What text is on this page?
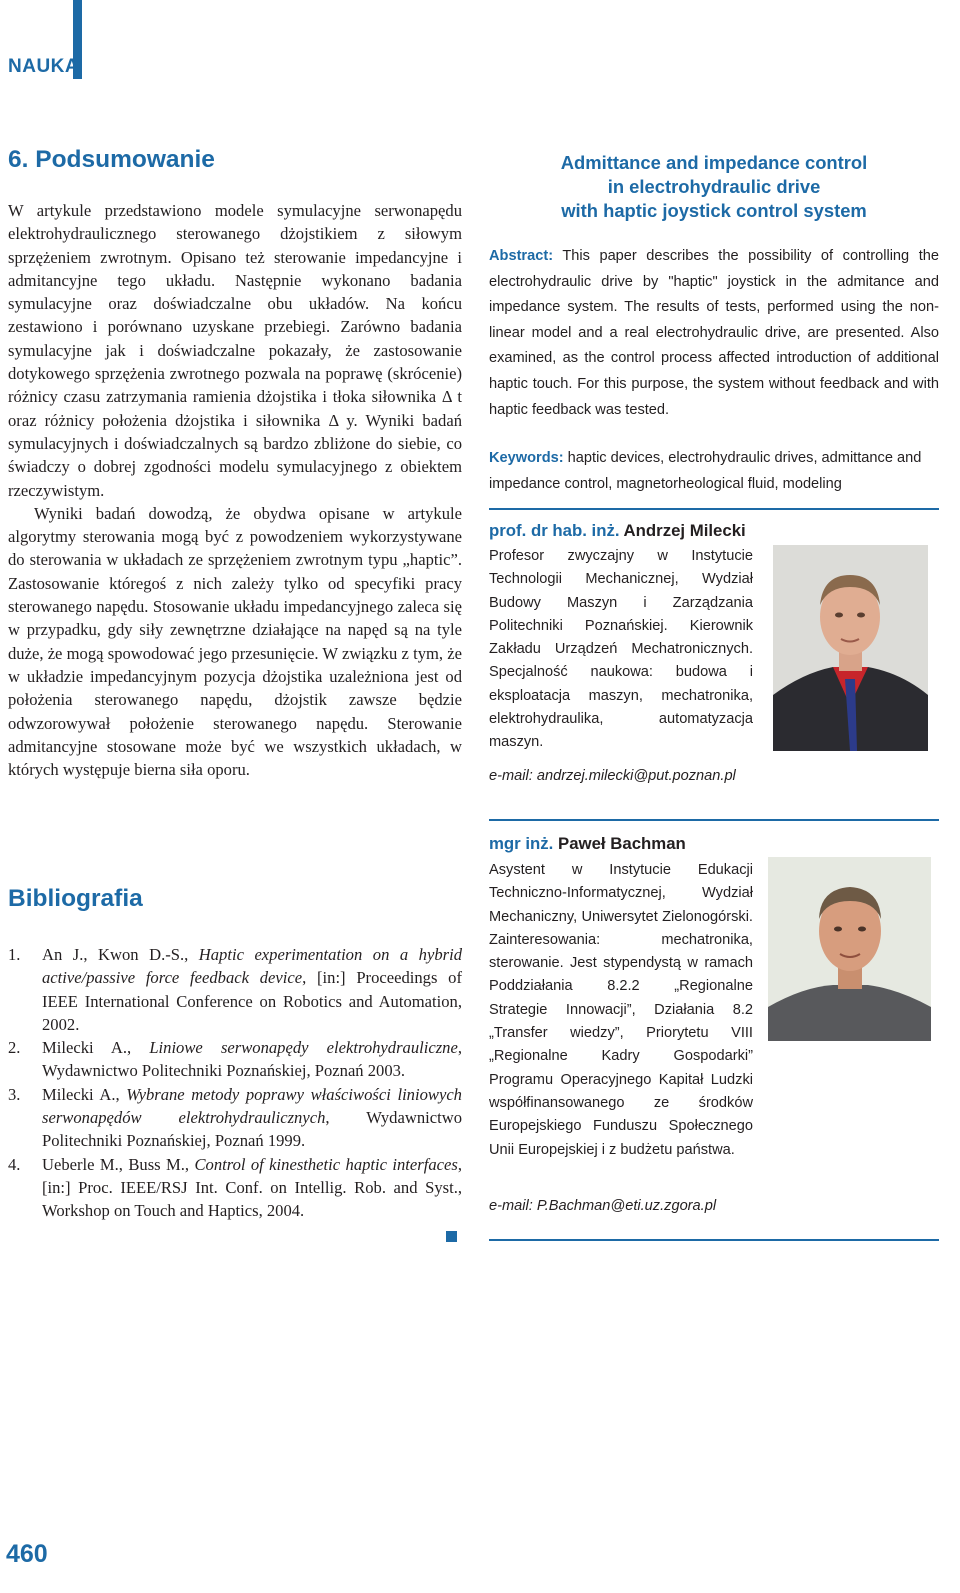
NAUKA
6. Podsumowanie

W artykule przedstawiono modele symulacyjne serwonapędu elektrohydraulicznego sterowanego dżojstikiem z siłowym sprzężeniem zwrotnym. Opisano też sterowanie impedancyjne i admitancyjne tego układu. Następnie wykonano badania symulacyjne oraz doświadczalne obu układów. Na końcu zestawiono i porównano uzyskane przebiegi. Zarówno badania symulacyjne jak i doświadczalne pokazały, że zastosowanie dotykowego sprzężenia zwrotnego pozwala na poprawę (skrócenie) różnicy czasu zatrzymania ramienia dżojstika i tłoka siłownika Δ t oraz różnicy położenia dżojstika i siłownika Δ y. Wyniki badań symulacyjnych i doświadczalnych są bardzo zbliżone do siebie, co świadczy o dobrej zgodności modelu symulacyjnego z obiektem rzeczywistym.

Wyniki badań dowodzą, że obydwa opisane w artykule algorytmy sterowania mogą być z powodzeniem wykorzystywane do sterowania w układach ze sprzężeniem zwrotnym typu „haptic”. Zastosowanie któregoś z nich zależy tylko od specyfiki pracy sterowanego napędu. Stosowanie układu impedancyjnego zaleca się w przypadku, gdy siły zewnętrzne działające na napęd są na tyle duże, że mogą spowodować jego przesunięcie. W związku z tym, że w układzie impedancyjnym pozycja dżojstika uzależniona jest od położenia sterowanego napędu, dżojstik zawsze będzie odwzorowywał położenie sterowanego napędu. Sterowanie admitancyjne stosowane może być we wszystkich układach, w których występuje bierna siła oporu.

Bibliografia
1.	An J., Kwon D.-S., Haptic experimentation on a hybrid active/passive force feedback device, [in:] Proceedings of IEEE International Conference on Robotics and Automation, 2002.
2.	Milecki A., Liniowe serwonapędy elektrohydrauliczne, Wydawnictwo Politechniki Poznańskiej, Poznań 2003.
3.	Milecki A., Wybrane metody poprawy właściwości liniowych serwonapędów elektrohydraulicznych, Wydawnictwo Politechniki Poznańskiej, Poznań 1999.
4.	Ueberle M., Buss M., Control of kinesthetic haptic interfaces, [in:] Proc. IEEE/RSJ Int. Conf. on Intellig. Rob. and Syst., Workshop on Touch and Haptics, 2004.
Admittance and impedance control
in electrohydraulic drive
with haptic joystick control system
Abstract: This paper describes the possibility of controlling the electrohydraulic drive by "haptic" joystick in the admitance and impedance system. The results of tests, performed using the non-linear model and a real electrohydraulic drive, are presented. Also examined, as the control process affected introduction of additional haptic touch. For this purpose, the system without feedback and with haptic feedback was tested.
Keywords: haptic devices, electrohydraulic drives, admittance and impedance control, magnetorheological fluid, modeling
prof. dr hab. inż. Andrzej Milecki
Profesor zwyczajny w Instytucie Technologii Mechanicznej, Wydział Budowy Maszyn i Zarządzania Politechniki Poznańskiej. Kierownik Zakładu Urządzeń Mechatronicznych. Specjalność naukowa: budowa i eksploatacja maszyn, mechatronika, elektrohydraulika, automatyzacja maszyn.
e-mail: andrzej.milecki@put.poznan.pl
mgr inż. Paweł Bachman
Asystent w Instytucie Edukacji Techniczno-Informatycznej, Wydział Mechaniczny, Uniwersytet Zielonogórski. Zainteresowania: mechatronika, sterowanie. Jest stypendystą w ramach Poddziałania 8.2.2 „Regionalne Strategie Innowacji”, Działania 8.2 „Transfer wiedzy”, Priorytetu VIII „Regionalne Kadry Gospodarki” Programu Operacyjnego Kapitał Ludzki współfinansowanego ze środków Europejskiego Funduszu Społecznego Unii Europejskiej i z budżetu państwa.
e-mail: P.Bachman@eti.uz.zgora.pl
460
